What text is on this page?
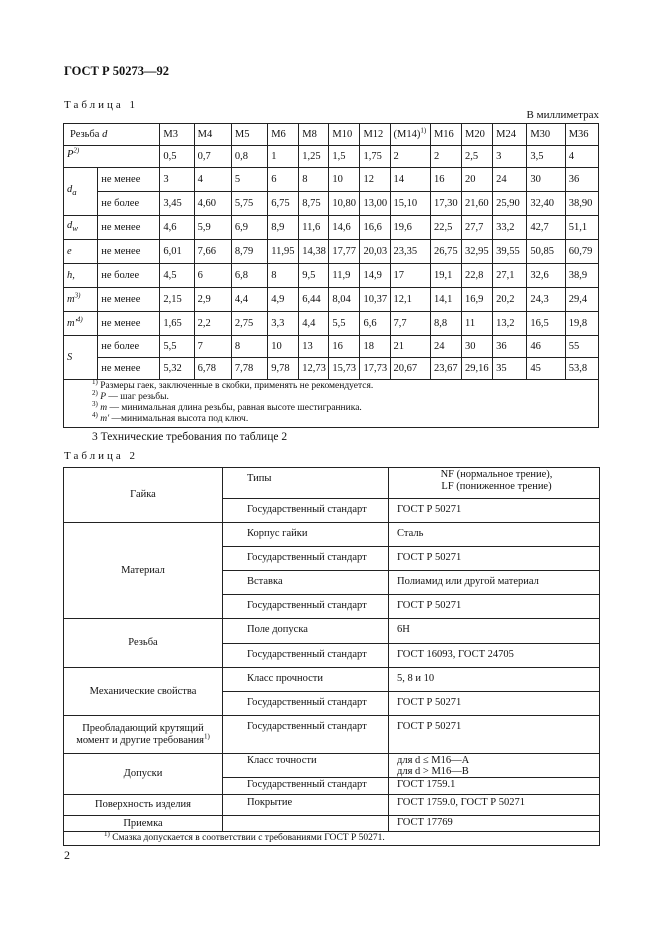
ГОСТ Р 50273—92
Таблица 1
В миллиметрах
Резьба d		M3	M4	M5	M6	M8	M10	M12	$(M14)^{1)}$	M16	M20	M24	M30	M36
$P^{2)}$		0,5	0,7	0,8	1	1,25	1,5	1,75	2	2	2,5	3	3,5	4
$d_a$	не менее	3	4	5	6	8	10	12	14	16	20	24	30	36
	не более	3,45	4,60	5,75	6,75	8,75	10,80	13,00	15,10	17,30	21,60	25,90	32,40	38,90
$d_w$	не менее	4,6	5,9	6,9	8,9	11,6	14,6	16,6	19,6	22,5	27,7	33,2	42,7	51,1
e	не менее	6,01	7,66	8,79	11,95	14,38	17,77	20,03	23,35	26,75	32,95	39,55	50,85	60,79
h,	не более	4,5	6	6,8	8	9,5	11,9	14,9	17	19,1	22,8	27,1	32,6	38,9
$m^{3)}$	не менее	2,15	2,9	4,4	4,9	6,44	8,04	10,37	12,1	14,1	16,9	20,2	24,3	29,4
$m'^{4)}$	не менее	1,65	2,2	2,75	3,3	4,4	5,5	6,6	7,7	8,8	11	13,2	16,5	19,8
S	не более	5,5	7	8	10	13	16	18	21	24	30	36	46	55
	не менее	5,32	6,78	7,78	9,78	12,73	15,73	17,73	20,67	23,67	29,16	35	45	53,8

$^{1)}$ Размеры гаек, заключенные в скобки, применять не рекомендуется.
$^{2)}$ P — шаг резьбы.
$^{3)}$ m — минимальная длина резьбы, равная высоте шестигранника.
$^{4)}$ m' —минимальная высота под ключ.														
3 Технические требования по таблице 2
Таблица 2
Гайка	Типы	NF (нормальное трение),
LF (пониженное трение)
	Государственный стандарт	ГОСТ Р 50271
Материал	Корпус гайки	Сталь
	Государственный стандарт	ГОСТ Р 50271
	Вставка	Полиамид или другой материал
	Государственный стандарт	ГОСТ Р 50271
Резьба	Поле допуска	6H
	Государственный стандарт	ГОСТ 16093, ГОСТ 24705
Механические свойства	Класс прочности	5, 8 и 10
	Государственный стандарт	ГОСТ Р 50271
Преобладающий крутящий
момент и другие требования$^{1)}$	Государственный стандарт	ГОСТ Р 50271
Допуски	Класс точности	для d ≤ M16—A
для d > M16—B
	Государственный стандарт	ГОСТ 1759.1
Поверхность изделия	Покрытие	ГОСТ 1759.0, ГОСТ Р 50271
Приемка		ГОСТ 17769
$^{1)}$ Смазка допускается в соответствии с требованиями ГОСТ Р 50271.		
2
